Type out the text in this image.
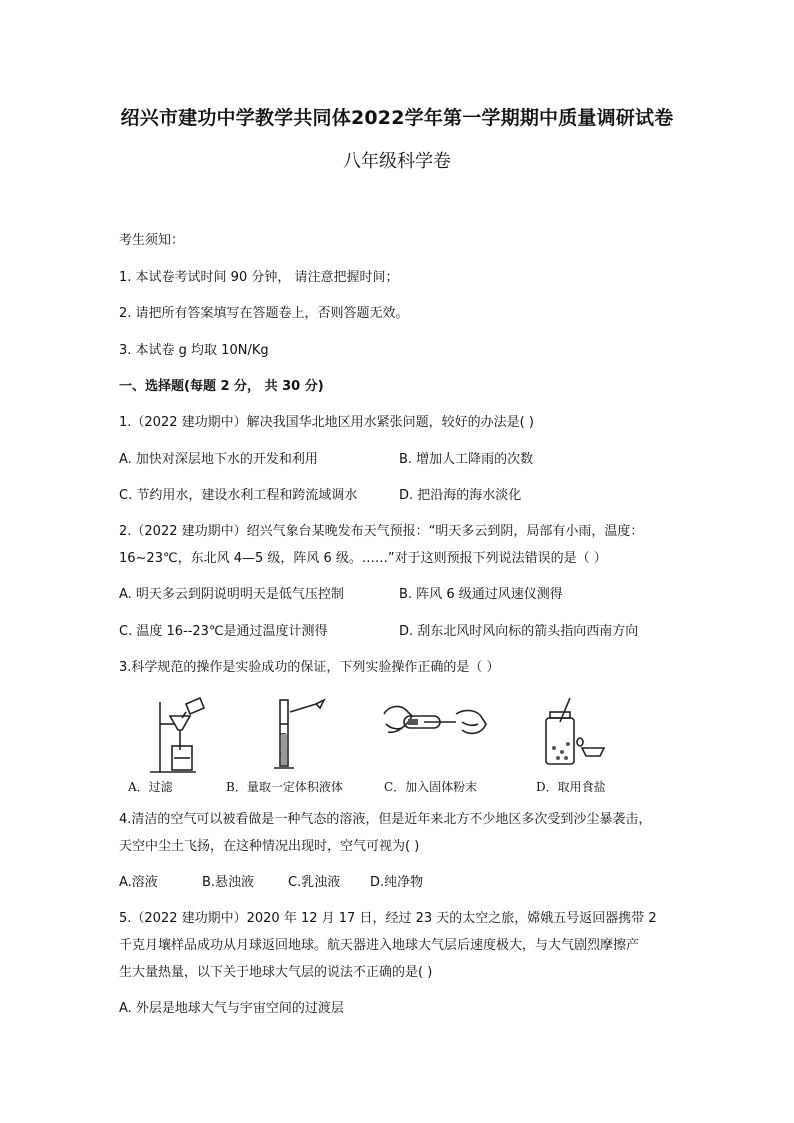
绍兴市建功中学教学共同体2022学年第一学期期中质量调研试卷
八年级科学卷
考生须知：
1. 本试卷考试时间 90 分钟， 请注意把握时间；
2. 请把所有答案填写在答题卷上，否则答题无效。
3. 本试卷 g 均取 10N/Kg
一、选择题(每题 2 分， 共 30 分)
1.（2022 建功期中）解决我国华北地区用水紧张问题，较好的办法是( )
A. 加快对深层地下水的开发和利用	B. 增加人工降雨的次数
C. 节约用水，建设水利工程和跨流域调水	D. 把沿海的海水淡化
2.（2022 建功期中）绍兴气象台某晚发布天气预报：“明天多云到阴，局部有小雨，温度：
16~23℃，东北风 4—5 级，阵风 6 级。……”对于这则预报下列说法错误的是（ ）
A. 明天多云到阴说明明天是低气压控制	B. 阵风 6 级通过风速仪测得
C. 温度 16--23℃是通过温度计测得	D. 刮东北风时风向标的箭头指向西南方向
3.科学规范的操作是实验成功的保证，下列实验操作正确的是（ ）
A．过滤	B．量取一定体积液体	C．加入固体粉末	D．取用食盐
4.清洁的空气可以被看做是一种气态的溶液，但是近年来北方不少地区多次受到沙尘暴袭击，
天空中尘土飞扬，在这种情况出现时，空气可视为( )
A.溶液	B.悬浊液	C.乳浊液 D.纯净物
5.（2022 建功期中）2020 年 12 月 17 日，经过 23 天的太空之旅，嫦娥五号返回器携带 2
千克月壤样品成功从月球返回地球。航天器进入地球大气层后速度极大，与大气剧烈摩擦产
生大量热量，以下关于地球大气层的说法不正确的是( )
A. 外层是地球大气与宇宙空间的过渡层
